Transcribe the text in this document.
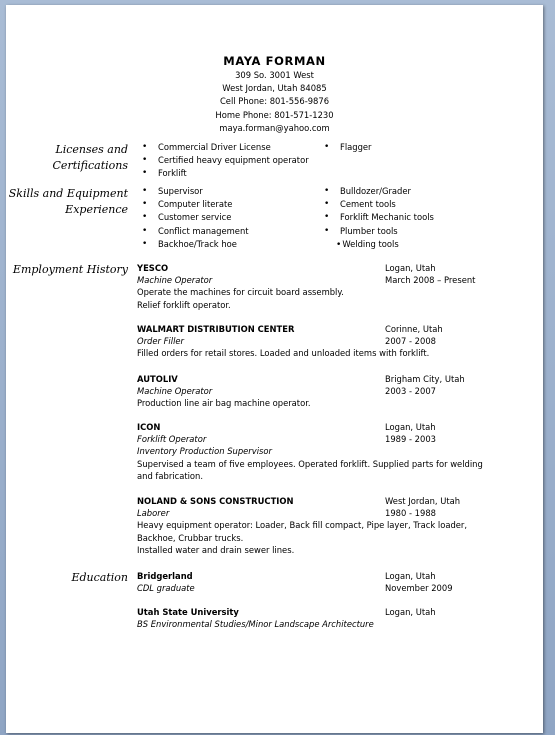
MAYA FORMAN
309 So. 3001 West
West Jordan, Utah 84085
Cell Phone: 801-556-9876
Home Phone: 801-571-1230
maya.forman@yahoo.com
Licenses and
Certifications
• Commercial Driver License
• Certified heavy equipment operator
• Forklift
• Flagger
Skills and Equipment
Experience
• Supervisor
• Computer literate
• Customer service
• Conflict management
• Backhoe/Track hoe
• Bulldozer/Grader
• Cement tools
• Forklift Mechanic tools
• Plumber tools
• Welding tools
Employment History YESCO	Logan, Utah
Machine Operator	March 2008 – Present
Operate the machines for circuit board assembly.
Relief forklift operator.
WALMART DISTRIBUTION CENTER	Corinne, Utah
Order Filler	2007 - 2008
Filled orders for retail stores. Loaded and unloaded items with forklift.
AUTOLIV	Brigham City, Utah
Machine Operator	2003 - 2007
Production line air bag machine operator.
ICON	Logan, Utah
Forklift Operator	1989 - 2003
Inventory Production Supervisor
Supervised a team of five employees. Operated forklift. Supplied parts for welding
and fabrication.
NOLAND & SONS CONSTRUCTION	West Jordan, Utah
Laborer	1980 - 1988
Heavy equipment operator: Loader, Back fill compact, Pipe layer, Track loader,
Backhoe, Crubbar trucks.
Installed water and drain sewer lines.
Education Bridgerland	Logan, Utah
CDL graduate	November 2009
Utah State University	Logan, Utah
BS Environmental Studies/Minor Landscape Architecture
